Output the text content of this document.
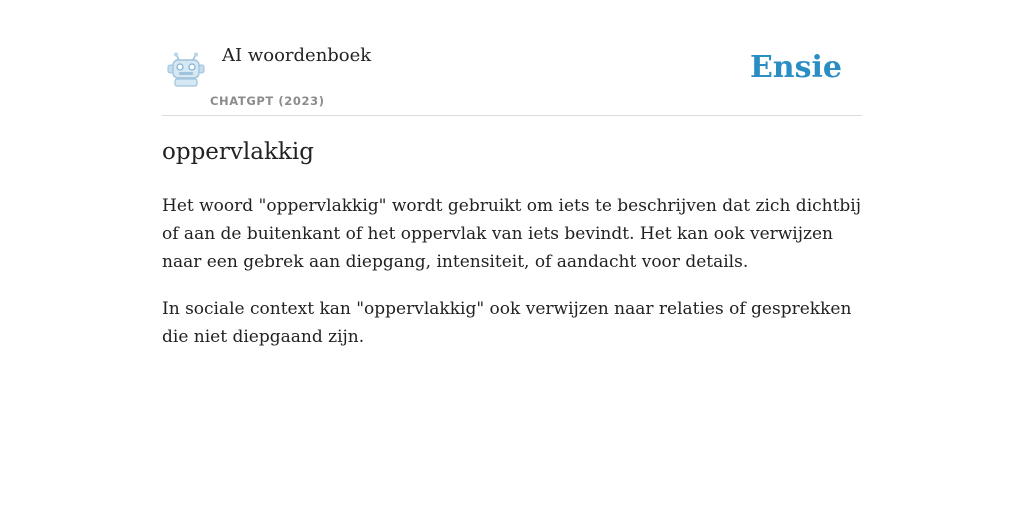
AI woordenboek
CHATGPT (2023)
Ensie
oppervlakkig

Het woord "oppervlakkig" wordt gebruikt om iets te beschrijven dat zich dichtbij of aan de buitenkant of het oppervlak van iets bevindt. Het kan ook verwijzen naar een gebrek aan diepgang, intensiteit, of aandacht voor details.

In sociale context kan "oppervlakkig" ook verwijzen naar relaties of gesprekken die niet diepgaand zijn.
